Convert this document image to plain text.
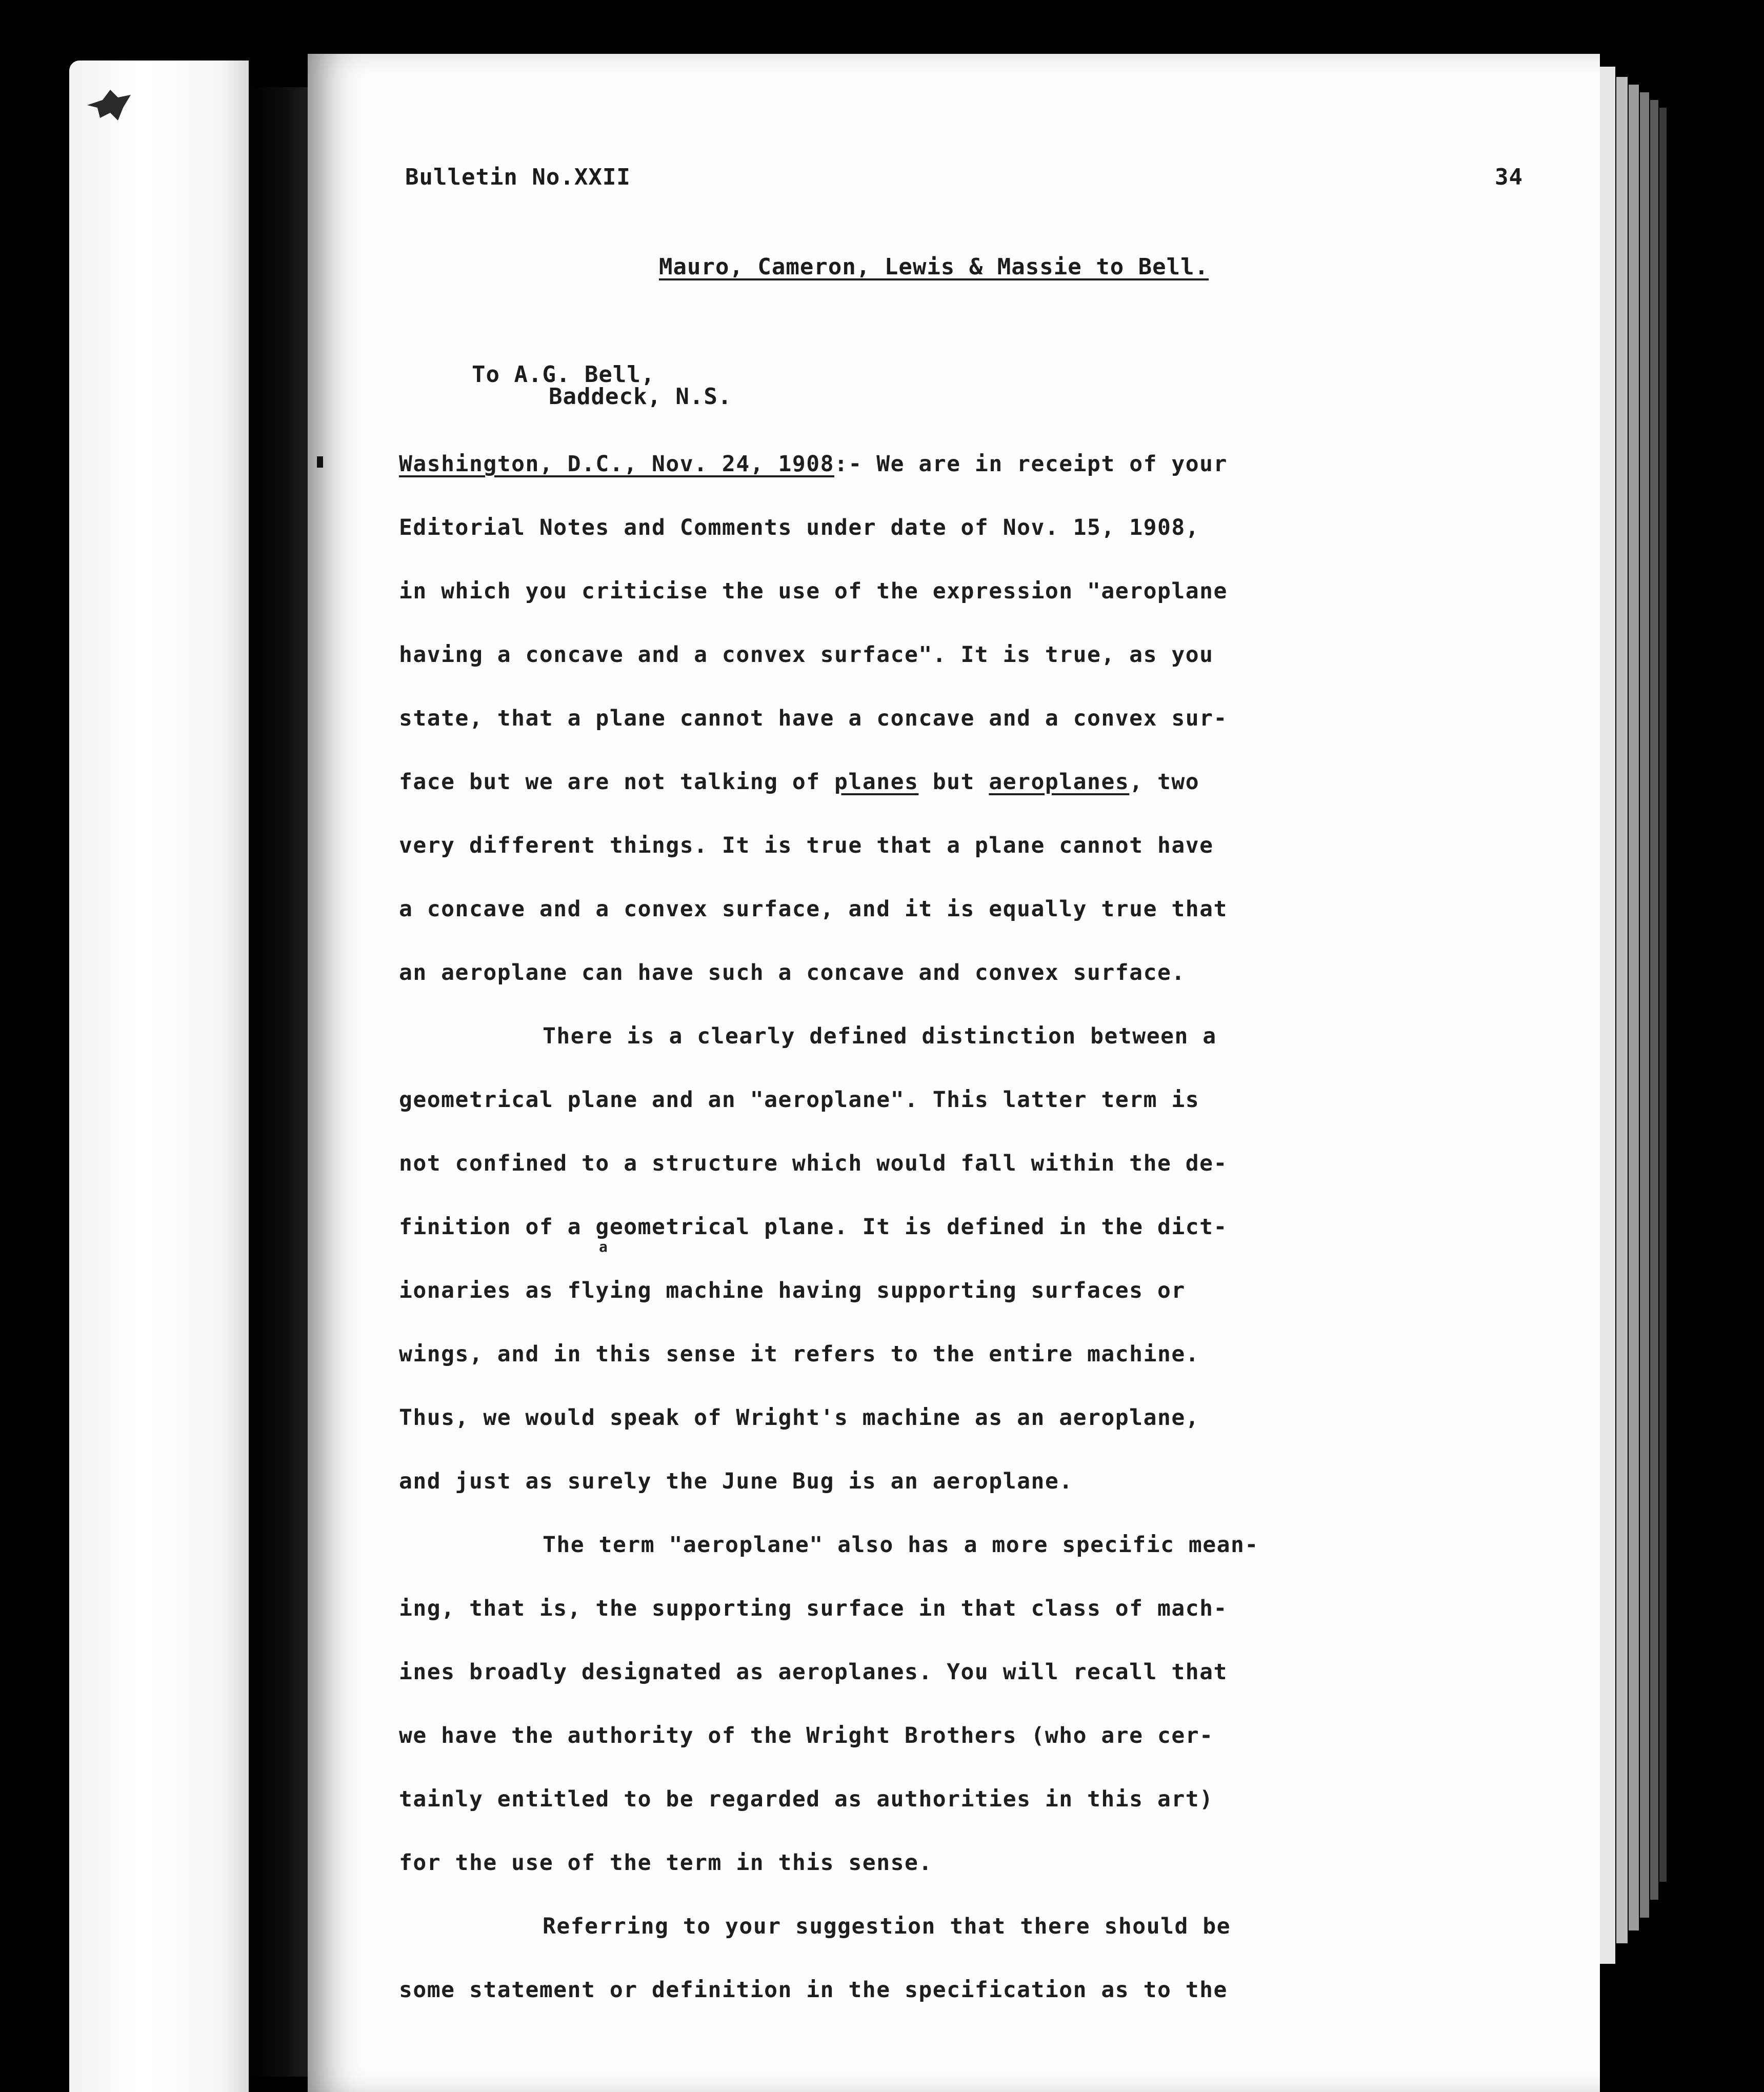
Bulletin No.XXII	34
Mauro, Cameron, Lewis & Massie to Bell.
To A.G. Bell,
Baddeck, N.S.
a
Washington, D.C., Nov. 24, 1908:- We are in receipt of your
Editorial Notes and Comments under date of Nov. 15, 1908,
in which you criticise the use of the expression "aeroplane
having a concave and a convex surface". It is true, as you
state, that a plane cannot have a concave and a convex sur-
face but we are not talking of planes but aeroplanes, two
very different things. It is true that a plane cannot have
a concave and a convex surface, and it is equally true that
an aeroplane can have such a concave and convex surface.
There is a clearly defined distinction between a
geometrical plane and an "aeroplane". This latter term is
not confined to a structure which would fall within the de-
finition of a geometrical plane. It is defined in the dict-
ionaries as flying machine having supporting surfaces or
wings, and in this sense it refers to the entire machine.
Thus, we would speak of Wright's machine as an aeroplane,
and just as surely the June Bug is an aeroplane.
The term "aeroplane" also has a more specific mean-
ing, that is, the supporting surface in that class of mach-
ines broadly designated as aeroplanes. You will recall that
we have the authority of the Wright Brothers (who are cer-
tainly entitled to be regarded as authorities in this art)
for the use of the term in this sense.
Referring to your suggestion that there should be
some statement or definition in the specification as to the
